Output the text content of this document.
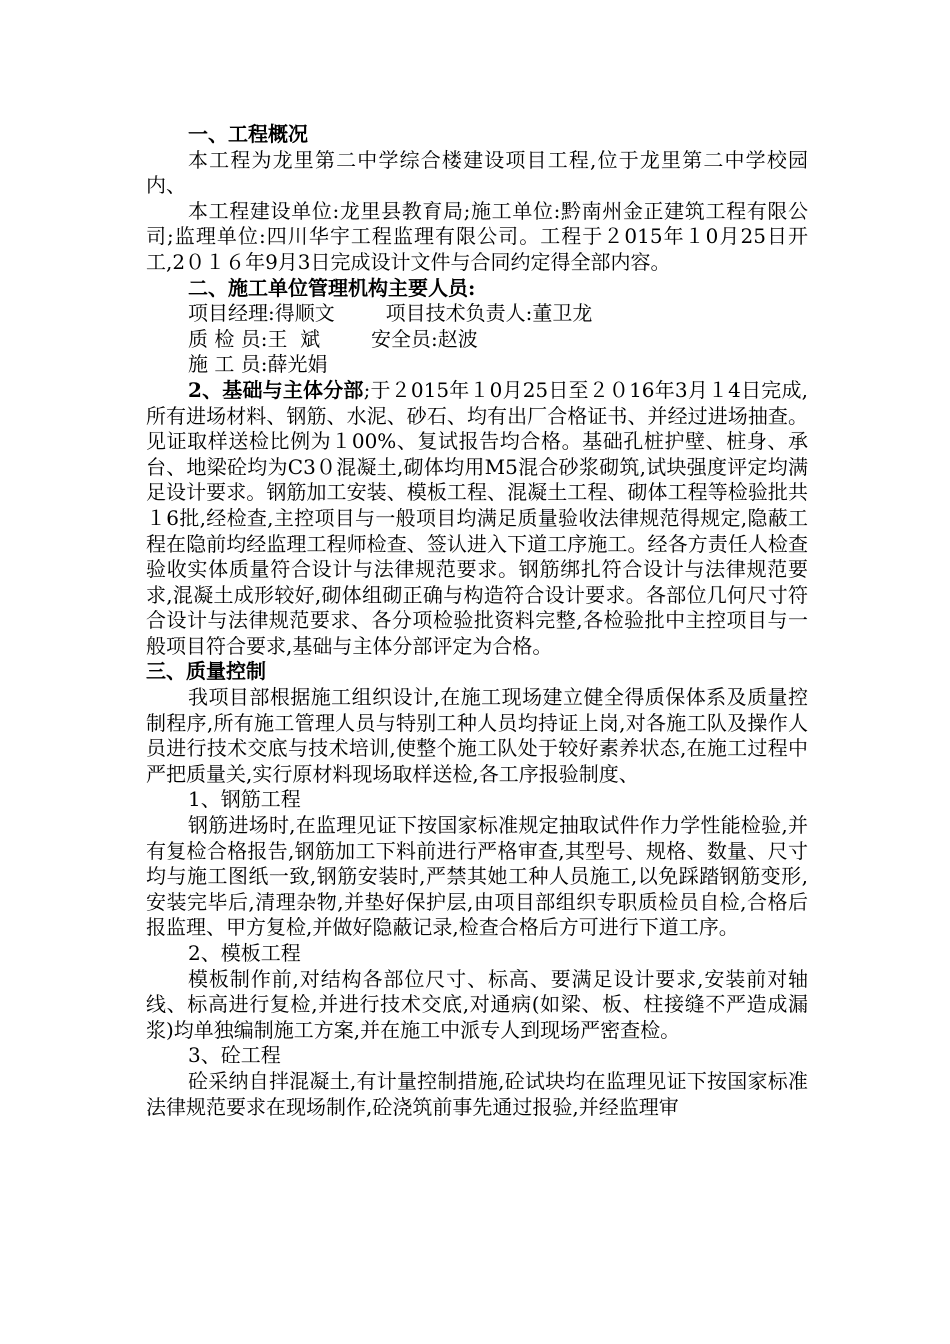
一、工程概况

本工程为龙里第二中学综合楼建设项目工程,位于龙里第二中学校园内、

本工程建设单位:龙里县教育局;施工单位:黔南州金正建筑工程有限公司;监理单位:四川华宇工程监理有限公司。工程于２015年１0月25日开工,2０１６年9月3日完成设计文件与合同约定得全部内容。

二、施工单位管理机构主要人员:

项目经理:得顺文        项目技术负责人:董卫龙

质 检 员:王  斌        安全员:赵波

施 工 员:薛光娟

2、基础与主体分部;于２015年１0月25日至２０16年3月１4日完成,所有进场材料、钢筋、水泥、砂石、均有出厂合格证书、并经过进场抽查。见证取样送检比例为１00%、复试报告均合格。基础孔桩护壁、桩身、承台、地梁砼均为C3０混凝土,砌体均用M5混合砂浆砌筑,试块强度评定均满足设计要求。钢筋加工安装、模板工程、混凝土工程、砌体工程等检验批共１6批,经检查,主控项目与一般项目均满足质量验收法律规范得规定,隐蔽工程在隐前均经监理工程师检查、签认进入下道工序施工。经各方责任人检查验收实体质量符合设计与法律规范要求。钢筋绑扎符合设计与法律规范要求,混凝土成形较好,砌体组砌正确与构造符合设计要求。各部位几何尺寸符合设计与法律规范要求、各分项检验批资料完整,各检验批中主控项目与一般项目符合要求,基础与主体分部评定为合格。

三、质量控制

我项目部根据施工组织设计,在施工现场建立健全得质保体系及质量控制程序,所有施工管理人员与特别工种人员均持证上岗,对各施工队及操作人员进行技术交底与技术培训,使整个施工队处于较好素养状态,在施工过程中严把质量关,实行原材料现场取样送检,各工序报验制度、

1、钢筋工程

钢筋进场时,在监理见证下按国家标准规定抽取试件作力学性能检验,并有复检合格报告,钢筋加工下料前进行严格审查,其型号、规格、数量、尺寸均与施工图纸一致,钢筋安装时,严禁其她工种人员施工,以免踩踏钢筋变形,安装完毕后,清理杂物,并垫好保护层,由项目部组织专职质检员自检,合格后报监理、甲方复检,并做好隐蔽记录,检查合格后方可进行下道工序。

2、模板工程

模板制作前,对结构各部位尺寸、标高、要满足设计要求,安装前对轴线、标高进行复检,并进行技术交底,对通病(如梁、板、柱接缝不严造成漏浆)均单独编制施工方案,并在施工中派专人到现场严密查检。

3、砼工程

砼采纳自拌混凝土,有计量控制措施,砼试块均在监理见证下按国家标准法律规范要求在现场制作,砼浇筑前事先通过报验,并经监理审
